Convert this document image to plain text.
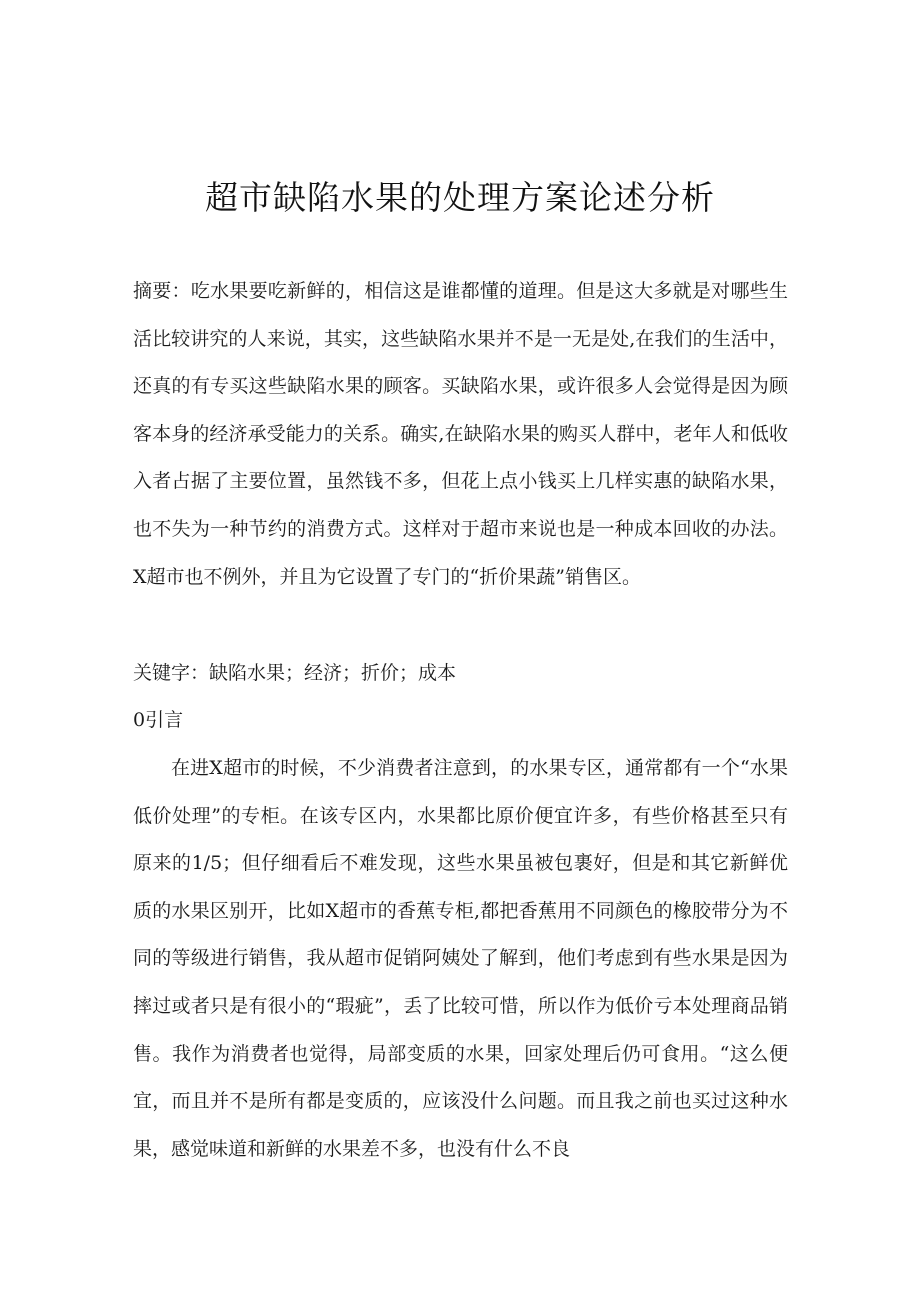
超市缺陷水果的处理方案论述分析

摘要：吃水果要吃新鲜的，相信这是谁都懂的道理。但是这大多就是对哪些生活比较讲究的人来说，其实，这些缺陷水果并不是一无是处,在我们的生活中，还真的有专买这些缺陷水果的顾客。买缺陷水果，或许很多人会觉得是因为顾客本身的经济承受能力的关系。确实,在缺陷水果的购买人群中，老年人和低收入者占据了主要位置，虽然钱不多，但花上点小钱买上几样实惠的缺陷水果，也不失为一种节约的消费方式。这样对于超市来说也是一种成本回收的办法。X超市也不例外，并且为它设置了专门的“折价果蔬”销售区。

关键字：缺陷水果；经济；折价；成本

0引言

在进X超市的时候，不少消费者注意到，的水果专区，通常都有一个“水果低价处理”的专柜。在该专区内，水果都比原价便宜许多，有些价格甚至只有原来的1/5；但仔细看后不难发现，这些水果虽被包裹好，但是和其它新鲜优质的水果区别开，比如X超市的香蕉专柜,都把香蕉用不同颜色的橡胶带分为不同的等级进行销售，我从超市促销阿姨处了解到，他们考虑到有些水果是因为摔过或者只是有很小的“瑕疵”，丢了比较可惜，所以作为低价亏本处理商品销售。我作为消费者也觉得，局部变质的水果，回家处理后仍可食用。“这么便宜，而且并不是所有都是变质的，应该没什么问题。而且我之前也买过这种水果，感觉味道和新鲜的水果差不多，也没有什么不良
